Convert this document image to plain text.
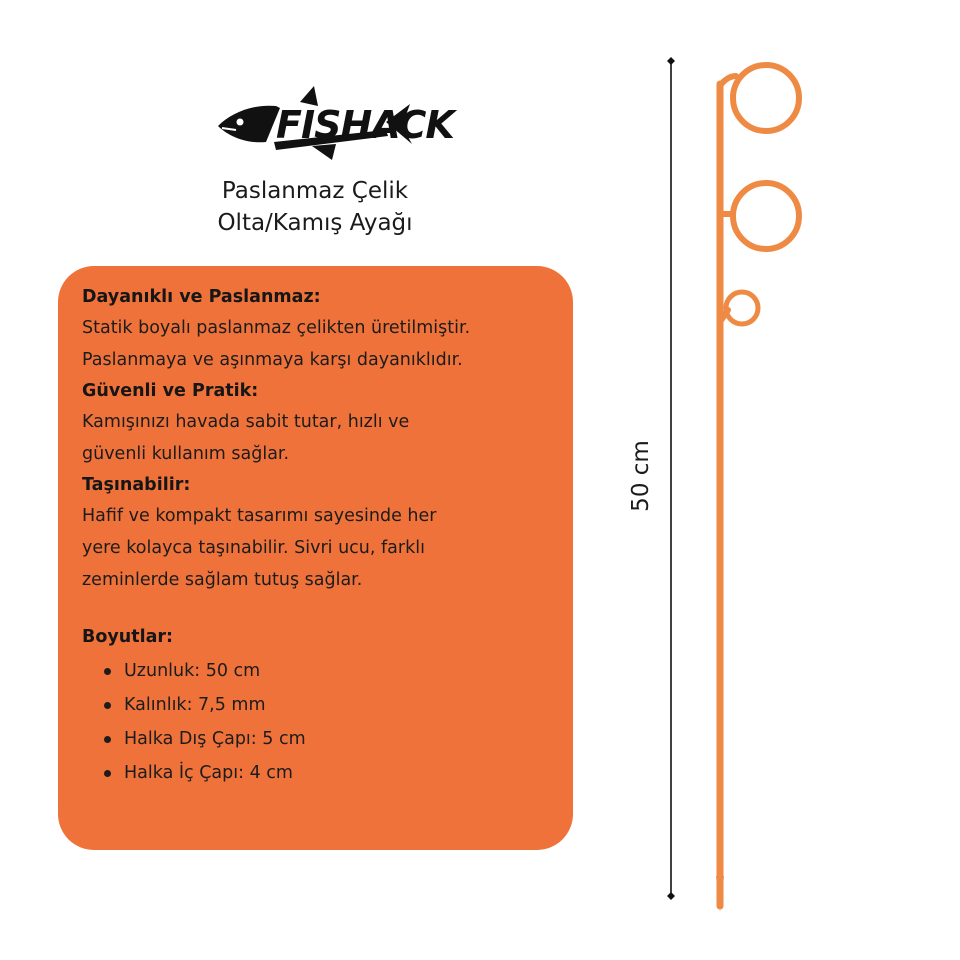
FISHACK
Paslanmaz Çelik
Olta/Kamış Ayağı

Dayanıklı ve Paslanmaz:

Statik boyalı paslanmaz çelikten üretilmiştir.

Paslanmaya ve aşınmaya karşı dayanıklıdır.

Güvenli ve Pratik:

Kamışınızı havada sabit tutar, hızlı ve

güvenli kullanım sağlar.

Taşınabilir:

Hafif ve kompakt tasarımı sayesinde her

yere kolayca taşınabilir. Sivri ucu, farklı

zeminlerde sağlam tutuş sağlar.

Boyutlar:

Uzunluk: 50 cm
Kalınlık: 7,5 mm
Halka Dış Çapı: 5 cm
Halka İç Çapı: 4 cm
50 cm
